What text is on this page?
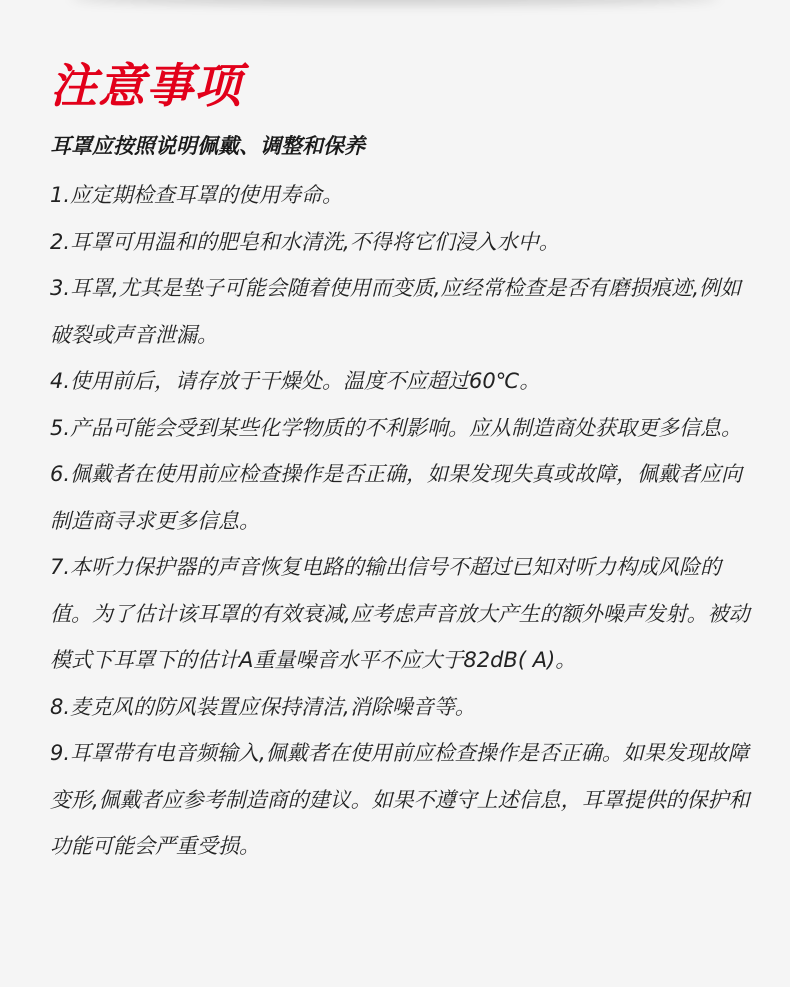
注意事项

耳罩应按照说明佩戴、调整和保养

1.应定期检查耳罩的使用寿命。
2.耳罩可用温和的肥皂和水清洗,不得将它们浸入水中。
3.耳罩,尤其是垫子可能会随着使用而变质,应经常检查是否有磨损痕迹,例如破裂或声音泄漏。
4.使用前后，请存放于干燥处。温度不应超过60℃。
5.产品可能会受到某些化学物质的不利影响。应从制造商处获取更多信息。
6.佩戴者在使用前应检查操作是否正确，如果发现失真或故障，佩戴者应向制造商寻求更多信息。
7.本听力保护器的声音恢复电路的输出信号不超过已知对听力构成风险的值。为了估计该耳罩的有效衰减,应考虑声音放大产生的额外噪声发射。被动模式下耳罩下的估计A重量噪音水平不应大于82dB( A)。
8.麦克风的防风装置应保持清洁,消除噪音等。
9.耳罩带有电音频输入,佩戴者在使用前应检查操作是否正确。如果发现故障变形,佩戴者应参考制造商的建议。如果不遵守上述信息，耳罩提供的保护和功能可能会严重受损。
